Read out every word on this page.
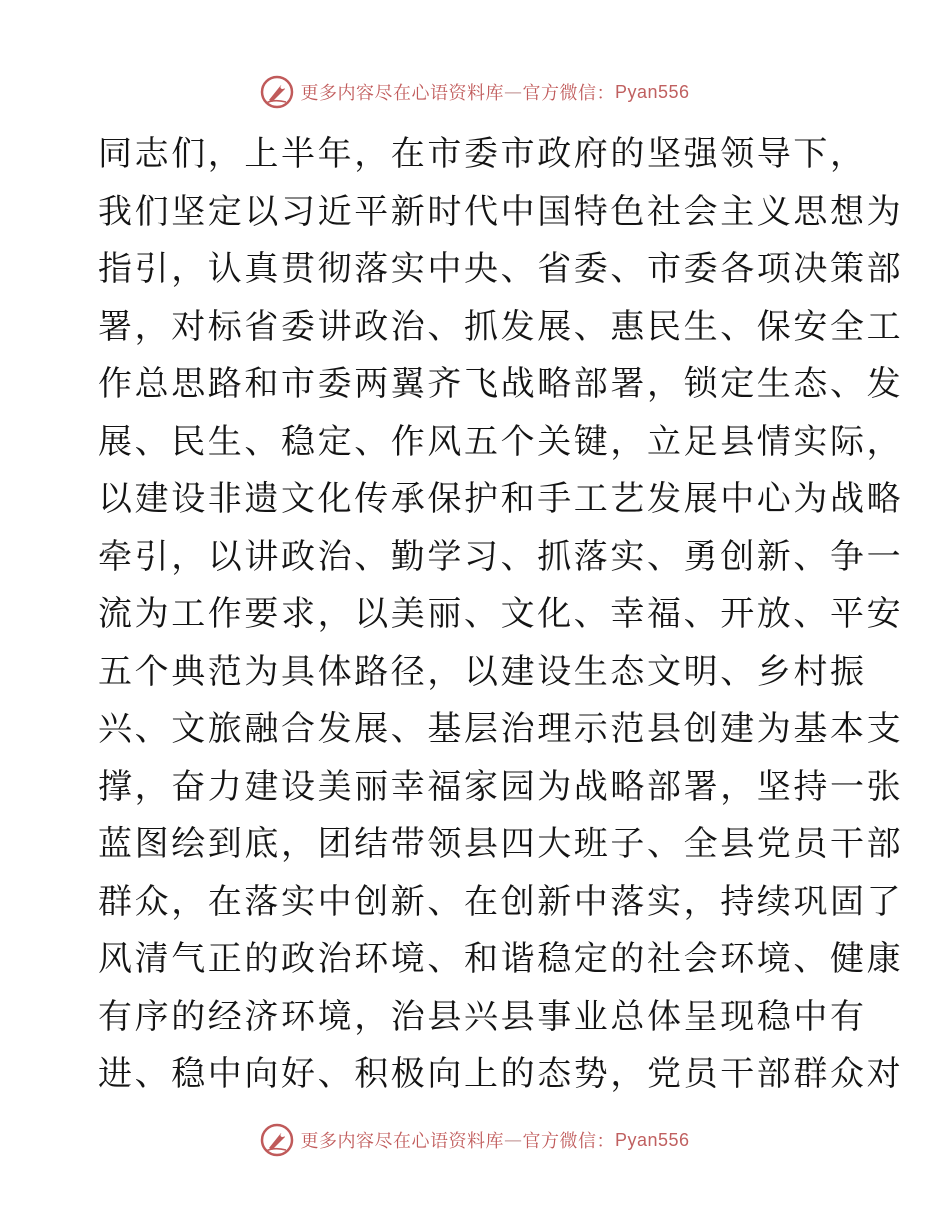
更多内容尽在心语资料库 — 官方微信： Pyan556
同志们，上半年，在市委市政府的坚强领导下，
我们坚定以习近平新时代中国特色社会主义思想为
指引，认真贯彻落实中央、省委、市委各项决策部
署，对标省委讲政治、抓发展、惠民生、保安全工
作总思路和市委两翼齐飞战略部署，锁定生态、发
展、民生、稳定、作风五个关键，立足县情实际，
以建设非遗文化传承保护和手工艺发展中心为战略
牵引，以讲政治、勤学习、抓落实、勇创新、争一
流为工作要求，以美丽、文化、幸福、开放、平安
五个典范为具体路径，以建设生态文明、乡村振
兴、文旅融合发展、基层治理示范县创建为基本支
撑，奋力建设美丽幸福家园为战略部署，坚持一张
蓝图绘到底，团结带领县四大班子、全县党员干部
群众，在落实中创新、在创新中落实，持续巩固了
风清气正的政治环境、和谐稳定的社会环境、健康
有序的经济环境，治县兴县事业总体呈现稳中有
进、稳中向好、积极向上的态势，党员干部群众对
更多内容尽在心语资料库 — 官方微信： Pyan556
